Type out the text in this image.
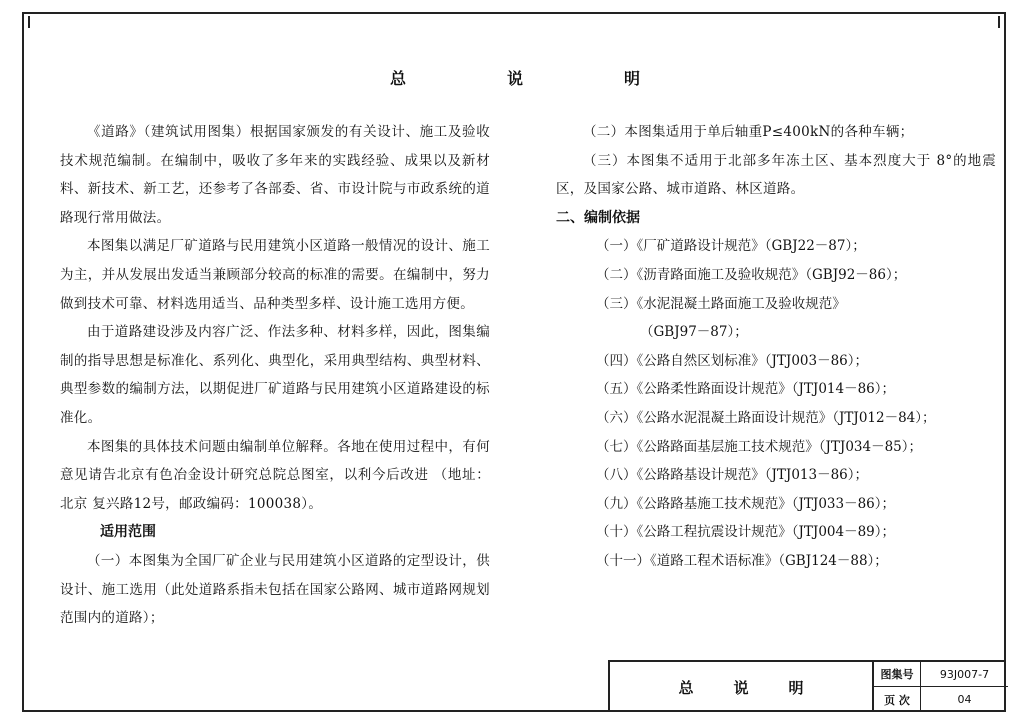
总	说	明

《道路》（建筑试用图集）根据国家颁发的有关设计、施工及验收技术规范编制。在编制中，吸收了多年来的实践经验、成果以及新材料、新技术、新工艺，还参考了各部委、省、市设计院与市政系统的道路现行常用做法。

本图集以满足厂矿道路与民用建筑小区道路一般情况的设计、施工为主，并从发展出发适当兼顾部分较高的标准的需要。在编制中，努力做到技术可靠、材料选用适当、品种类型多样、设计施工选用方便。

由于道路建设涉及内容广泛、作法多种、材料多样，因此，图集编制的指导思想是标准化、系列化、典型化，采用典型结构、典型材料、典型参数的编制方法，以期促进厂矿道路与民用建筑小区道路建设的标准化。

本图集的具体技术问题由编制单位解释。各地在使用过程中，有何意见请告北京有色冶金设计研究总院总图室，以利今后改进 （地址：北京 复兴路12号，邮政编码：100038）。

适用范围

（一）本图集为全国厂矿企业与民用建筑小区道路的定型设计，供设计、施工选用（此处道路系指未包括在国家公路网、城市道路网规划范围内的道路）；

（二）本图集适用于单后轴重P≤400kN的各种车辆；

（三）本图集不适用于北部多年冻土区、基本烈度大于 8°的地震区，及国家公路、城市道路、林区道路。

二、编制依据

（一）《厂矿道路设计规范》（GBJ22－87）；

（二）《沥青路面施工及验收规范》（GBJ92－86）；

（三）《水泥混凝土路面施工及验收规范》

（GBJ97－87）；

（四）《公路自然区划标准》（JTJ003－86）；

（五）《公路柔性路面设计规范》（JTJ014－86）；

（六）《公路水泥混凝土路面设计规范》（JTJ012－84）；

（七）《公路路面基层施工技术规范》（JTJ034－85）；

（八）《公路路基设计规范》（JTJ013－86）；

（九）《公路路基施工技术规范》（JTJ033－86）；

（十）《公路工程抗震设计规范》（JTJ004－89）；

（十一）《道路工程术语标准》（GBJ124－88）；

总	说	明
图集号	93J007-7
页 次	04
